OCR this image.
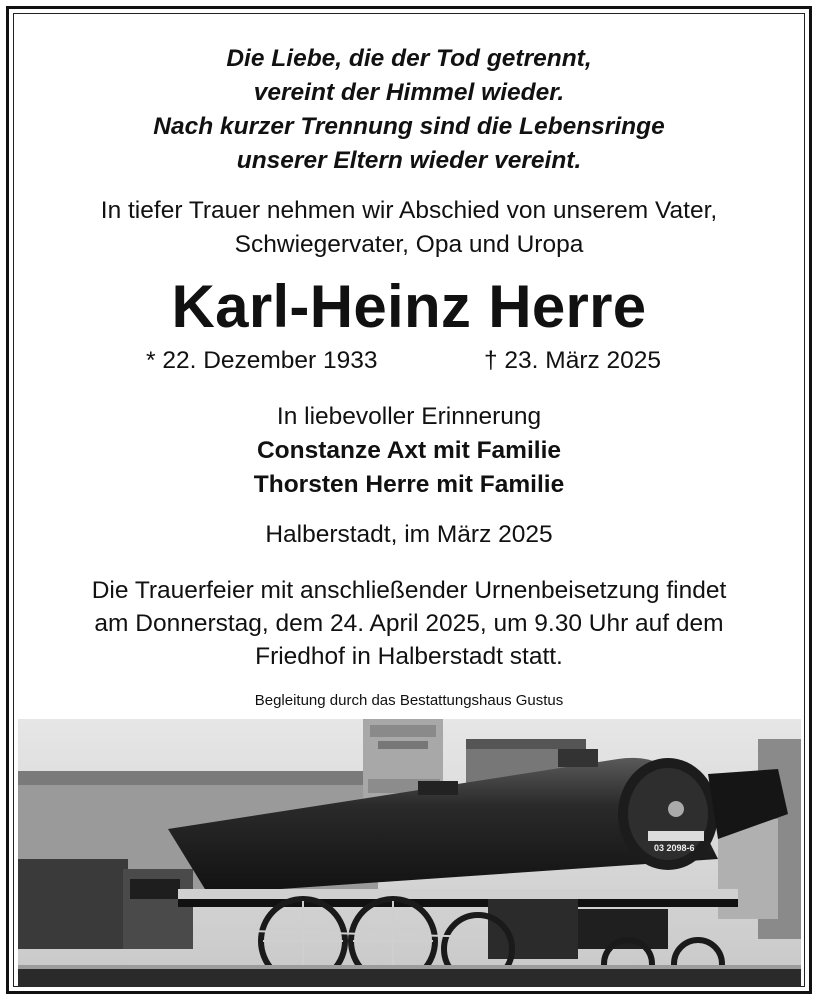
Die Liebe, die der Tod getrennt,
vereint der Himmel wieder.
Nach kurzer Trennung sind die Lebensringe
unserer Eltern wieder vereint.
In tiefer Trauer nehmen wir Abschied von unserem Vater,
Schwiegervater, Opa und Uropa
Karl-Heinz Herre
* 22. Dezember 1933	† 23. März 2025
In liebevoller Erinnerung
Constanze Axt mit Familie
Thorsten Herre mit Familie
Halberstadt, im März 2025
Die Trauerfeier mit anschließender Urnenbeisetzung findet
am Donnerstag, dem 24. April 2025, um 9.30 Uhr auf dem
Friedhof in Halberstadt statt.
Begleitung durch das Bestattungshaus Gustus
03 2098-6
